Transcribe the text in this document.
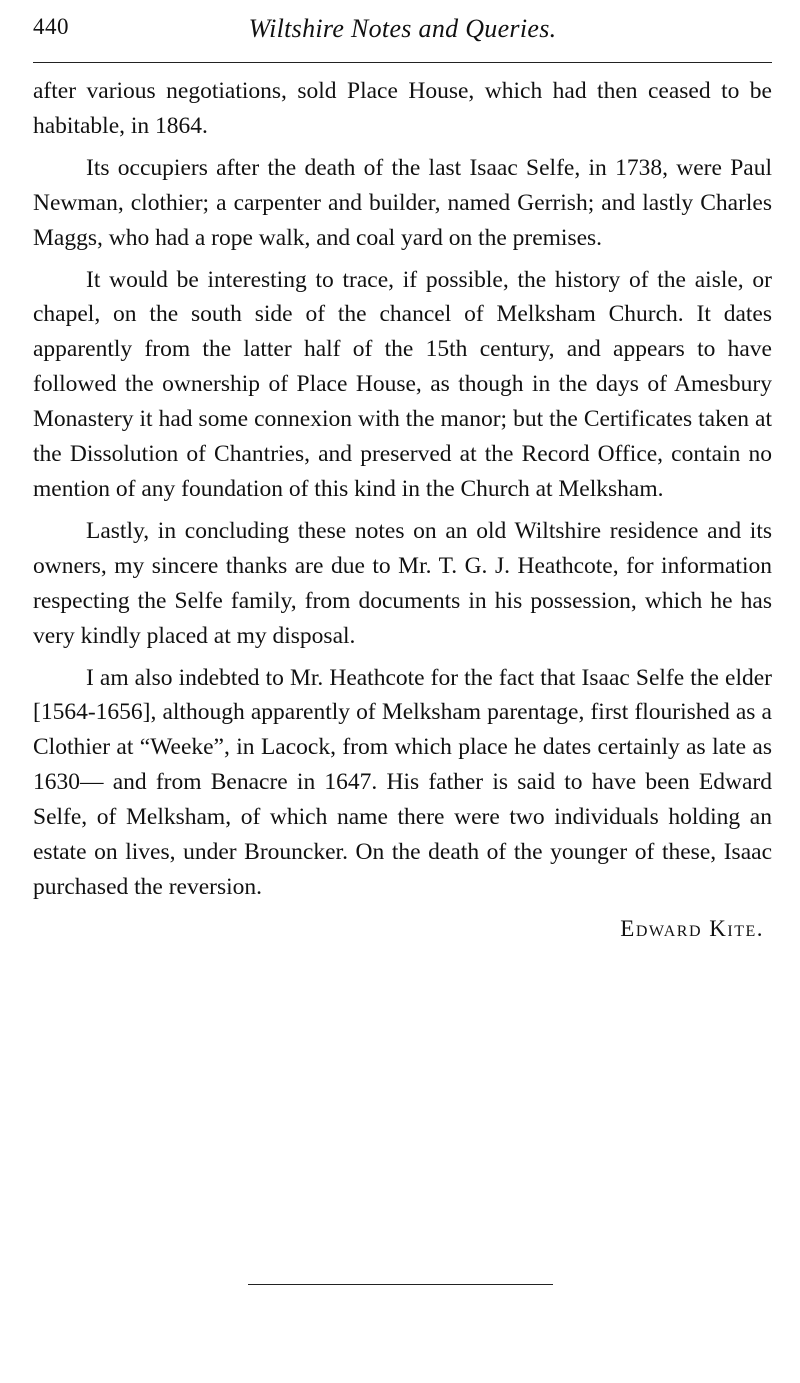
440	Wiltshire Notes and Queries.

after various negotiations, sold Place House, which had then ceased to be habitable, in 1864.

Its occupiers after the death of the last Isaac Selfe, in 1738, were Paul Newman, clothier; a carpenter and builder, named Gerrish; and lastly Charles Maggs, who had a rope walk, and coal yard on the premises.

It would be interesting to trace, if possible, the history of the aisle, or chapel, on the south side of the chancel of Melksham Church. It dates apparently from the latter half of the 15th century, and appears to have followed the ownership of Place House, as though in the days of Amesbury Monastery it had some connexion with the manor; but the Certificates taken at the Dissolution of Chantries, and preserved at the Record Office, contain no mention of any foundation of this kind in the Church at Melksham.

Lastly, in concluding these notes on an old Wiltshire residence and its owners, my sincere thanks are due to Mr. T. G. J. Heathcote, for information respecting the Selfe family, from documents in his possession, which he has very kindly placed at my disposal.

I am also indebted to Mr. Heathcote for the fact that Isaac Selfe the elder [1564-1656], although apparently of Melksham parentage, first flourished as a Clothier at “Weeke”, in Lacock, from which place he dates certainly as late as 1630— and from Benacre in 1647. His father is said to have been Edward Selfe, of Melksham, of which name there were two individuals holding an estate on lives, under Brouncker. On the death of the younger of these, Isaac purchased the reversion.

Edward Kite.
